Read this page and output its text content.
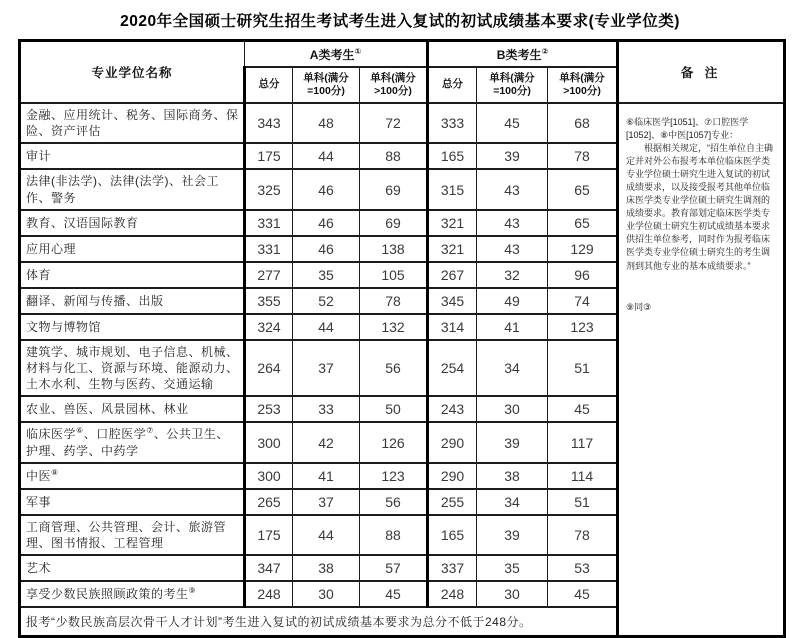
2020年全国硕士研究生招生考试考生进入复试的初试成绩基本要求(专业学位类)
专业学位名称	A类考生①			B类考生②			备 注
	总分	单科(满分=100分)	单科(满分>100分)	总分	单科(满分=100分)	单科(满分>100分)	
金融、应用统计、税务、国际商务、保险、资产评估	343	48	72	333	45	68	⑥临床医学[1051]、⑦口腔医学[1052]、⑧中医[1057]专业：

根据相关规定，“招生单位自主确定并对外公布报考本单位临床医学类专业学位硕士研究生进入复试的初试成绩要求，以及接受报考其他单位临床医学类专业学位硕士研究生调剂的成绩要求。教育部划定临床医学类专业学位硕士研究生初试成绩基本要求供招生单位参考，同时作为报考临床医学类专业学位硕士研究生的考生调剂到其他专业的基本成绩要求。”

⑨同③

审计	175	44	88	165	39	78	
法律(非法学)、法律(法学)、社会工作、警务	325	46	69	315	43	65	
教育、汉语国际教育	331	46	69	321	43	65	
应用心理	331	46	138	321	43	129	
体育	277	35	105	267	32	96	
翻译、新闻与传播、出版	355	52	78	345	49	74	
文物与博物馆	324	44	132	314	41	123	
建筑学、城市规划、电子信息、机械、材料与化工、资源与环境、能源动力、土木水利、生物与医药、交通运输	264	37	56	254	34	51	
农业、兽医、风景园林、林业	253	33	50	243	30	45	
临床医学⑥、口腔医学⑦、公共卫生、护理、药学、中药学	300	42	126	290	39	117	
中医⑧	300	41	123	290	38	114	
军事	265	37	56	255	34	51	
工商管理、公共管理、会计、旅游管理、图书情报、工程管理	175	44	88	165	39	78	
艺术	347	38	57	337	35	53	
享受少数民族照顾政策的考生⑨	248	30	45	248	30	45	
报考“少数民族高层次骨干人才计划”考生进入复试的初试成绩基本要求为总分不低于248分。							
